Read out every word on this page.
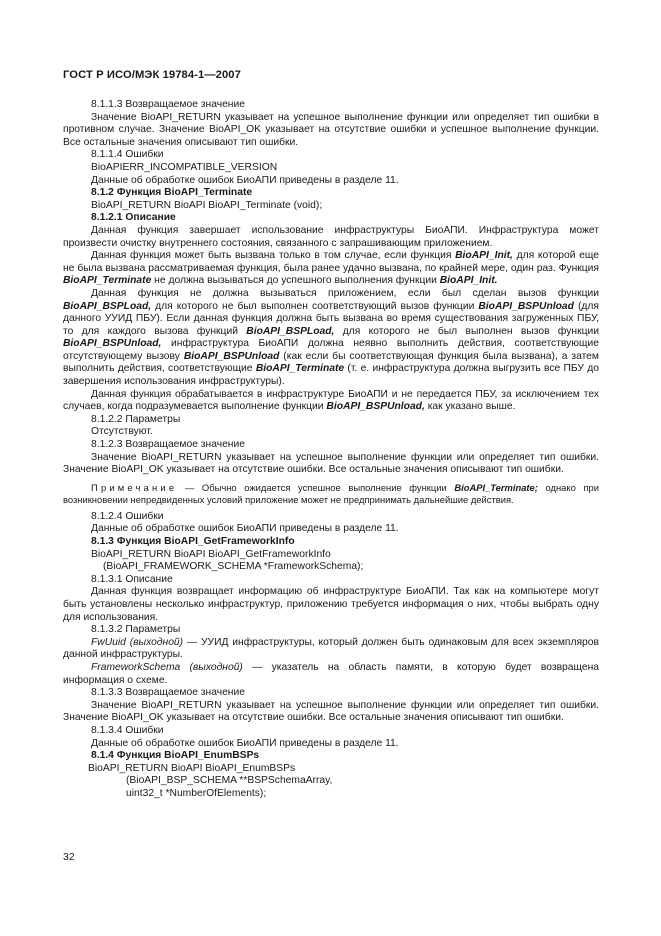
ГОСТ Р ИСО/МЭК 19784-1—2007

8.1.1.3 Возвращаемое значение

Значение BioAPI_RETURN указывает на успешное выполнение функции или определяет тип ошибки в противном случае. Значение BioAPI_OK указывает на отсутствие ошибки и успешное выполнение функции. Все остальные значения описывают тип ошибки.

8.1.1.4 Ошибки

BioAPIERR_INCOMPATIBLE_VERSION

Данные об обработке ошибок БиоАПИ приведены в разделе 11.

8.1.2 Функция BioAPI_Terminate

BioAPI_RETURN BioAPI BioAPI_Terminate (void);

8.1.2.1 Описание

Данная функция завершает использование инфраструктуры БиоАПИ. Инфраструктура может произвести очистку внутреннего состояния, связанного с запрашивающим приложением.

Данная функция может быть вызвана только в том случае, если функция BioAPI_Init, для которой еще не была вызвана рассматриваемая функция, была ранее удачно вызвана, по крайней мере, один раз. Функция BioAPI_Terminate не должна вызываться до успешного выполнения функции BioAPI_Init.

Данная функция не должна вызываться приложением, если был сделан вызов функции BioAPI_BSPLoad, для которого не был выполнен соответствующий вызов функции BioAPI_BSPUnload (для данного УУИД ПБУ). Если данная функция должна быть вызвана во время существования загруженных ПБУ, то для каждого вызова функций BioAPI_BSPLoad, для которого не был выполнен вызов функции BioAPI_BSPUnload, инфраструктура БиоАПИ должна неявно выполнить действия, соответствующие отсутствующему вызову BioAPI_BSPUnload (как если бы соответствующая функция была вызвана), а затем выполнить действия, соответствующие BioAPI_Terminate (т. е. инфраструктура должна выгрузить все ПБУ до завершения использования инфраструктуры).

Данная функция обрабатывается в инфраструктуре БиоАПИ и не передается ПБУ, за исключением тех случаев, когда подразумевается выполнение функции BioAPI_BSPUnload, как указано выше.

8.1.2.2 Параметры

Отсутствуют.

8.1.2.3 Возвращаемое значение

Значение BioAPI_RETURN указывает на успешное выполнение функции или определяет тип ошибки. Значение BioAPI_OK указывает на отсутствие ошибки. Все остальные значения описывают тип ошибки.

Примечание — Обычно ожидается успешное выполнение функции BioAPI_Terminate; однако при возникновении непредвиденных условий приложение может не предпринимать дальнейшие действия.

8.1.2.4 Ошибки

Данные об обработке ошибок БиоАПИ приведены в разделе 11.

8.1.3 Функция BioAPI_GetFrameworkInfo

BioAPI_RETURN BioAPI BioAPI_GetFrameworkInfo

(BioAPI_FRAMEWORK_SCHEMA *FrameworkSchema);

8.1.3.1 Описание

Данная функция возвращает информацию об инфраструктуре БиоАПИ. Так как на компьютере могут быть установлены несколько инфраструктур, приложению требуется информация о них, чтобы выбрать одну для использования.

8.1.3.2 Параметры

FwUuid (выходной) — УУИД инфраструктуры, который должен быть одинаковым для всех экземпляров данной инфраструктуры.

FrameworkSchema (выходной) — указатель на область памяти, в которую будет возвращена информация о схеме.

8.1.3.3 Возвращаемое значение

Значение BioAPI_RETURN указывает на успешное выполнение функции или определяет тип ошибки. Значение BioAPI_OK указывает на отсутствие ошибки. Все остальные значения описывают тип ошибки.

8.1.3.4 Ошибки

Данные об обработке ошибок БиоАПИ приведены в разделе 11.

8.1.4 Функция BioAPI_EnumBSPs

BioAPI_RETURN BioAPI BioAPI_EnumBSPs

(BioAPI_BSP_SCHEMA **BSPSchemaArray,

uint32_t *NumberOfElements);

32
